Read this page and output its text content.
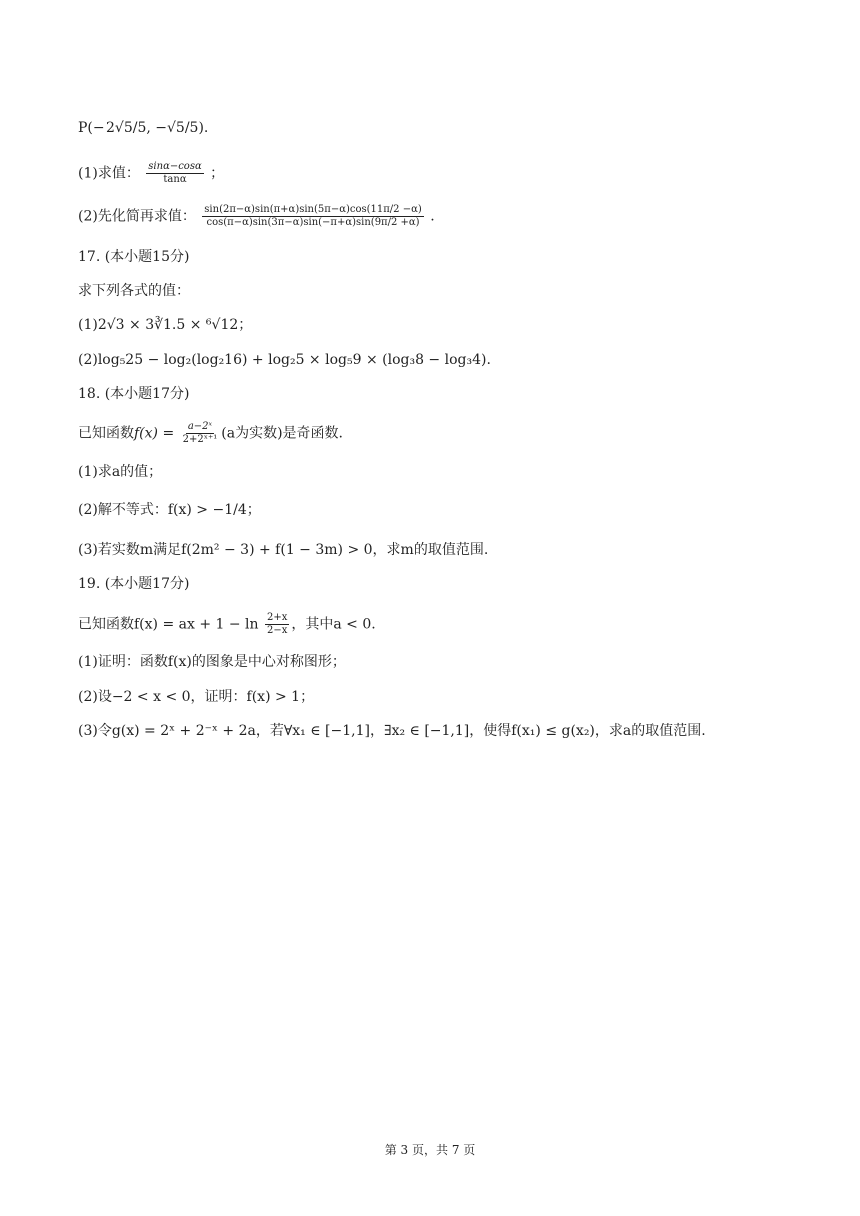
P(− 2√5/5, −√5/5).
(1)求值： $\frac{\sin\alpha-\cos\alpha}{\tan\alpha}$ ；
(2)先化简再求值： $\frac{\sin(2\pi-\alpha)\sin(\pi+\alpha)\sin(5\pi-\alpha)\cos(11\pi/2 -\alpha)}{\cos(\pi-\alpha)\sin(3\pi-\alpha)\sin(-\pi+\alpha)\sin(9\pi/2 +\alpha)}$ .
17. (本小题15分)
求下列各式的值：
(1)2√3 × 3∛1.5 × ⁶√12；
(2)log₅25 − log₂(log₂16) + log₂5 × log₅9 × (log₃8 − log₃4).
18. (本小题17分)
已知函数$f(x) = \frac{\text{a−2ˣ}}{\text{2+2ˣ⁺¹}} (a$为实数)是奇函数.
(1)求a的值；
(2)解不等式：f(x) > −1/4；
(3)若实数m满足f(2m² − 3) + f(1 − 3m) > 0，求m的取值范围.
19. (本小题17分)
已知函数f(x) = ax + $1 - \ln \frac{2+x}{2-x}$ ，其中a < 0.
(1)证明：函数f(x)的图象是中心对称图形；
(2)设−2 < x < 0，证明：f(x) > 1；
(3)令g(x) = 2ˣ + 2⁻ˣ + 2a，若∀x₁ ∈ [−1,1]，∃x₂ ∈ [−1,1]，使得f(x₁) ≤ g(x₂)，求a的取值范围.
第 3 页，共 7 页
